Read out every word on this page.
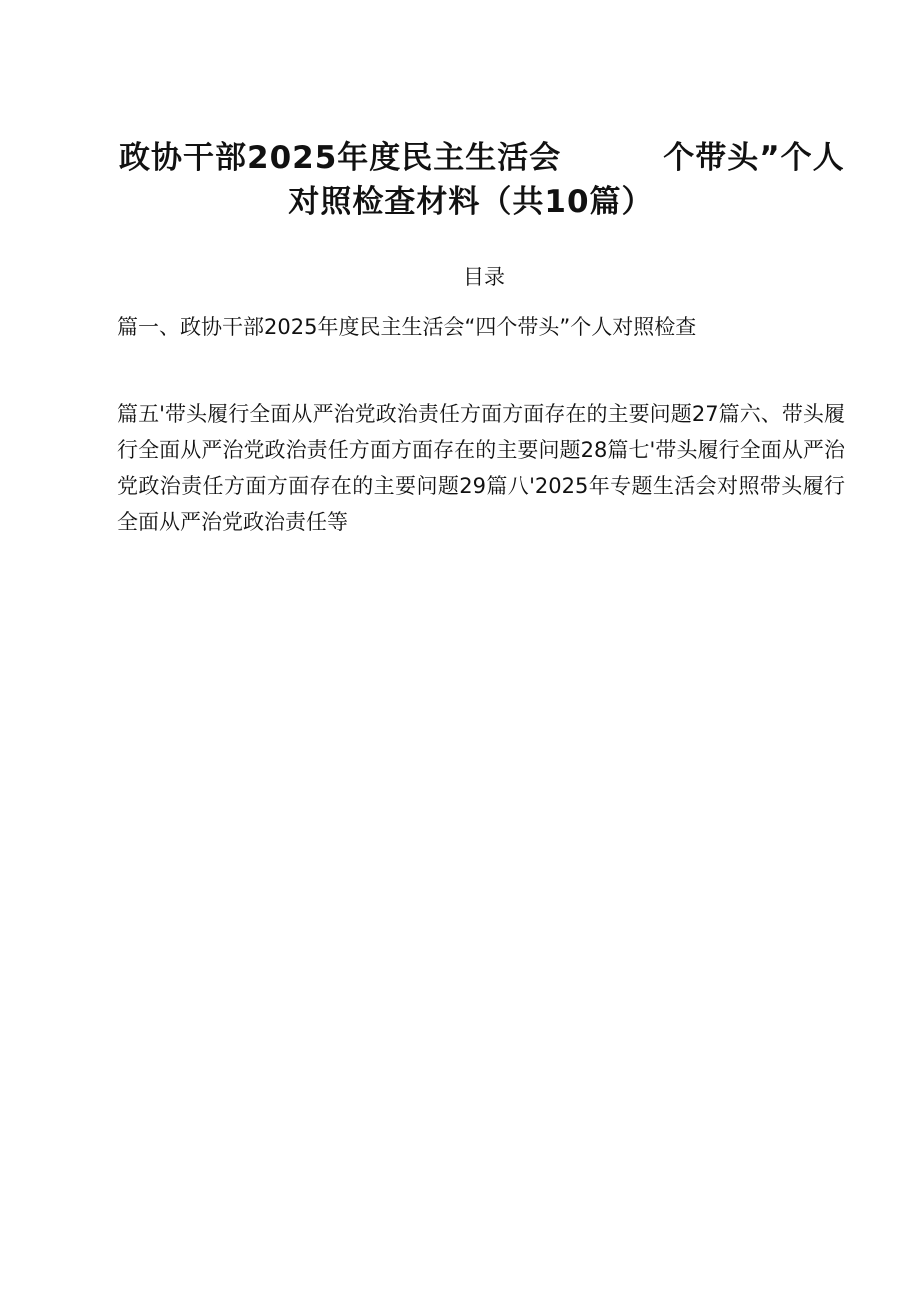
政协干部2025年度民主生活会	个带头”个人
对照检查材料（共10篇）
目录
篇一、政协干部2025年度民主生活会“四个带头”个人对照检查
篇五'带头履行全面从严治党政治责任方面方面存在的主要问题27篇六、带头履行全面从严治党政治责任方面方面存在的主要问题28篇七'带头履行全面从严治党政治责任方面方面存在的主要问题29篇八'2025年专题生活会对照带头履行全面从严治党政治责任等
